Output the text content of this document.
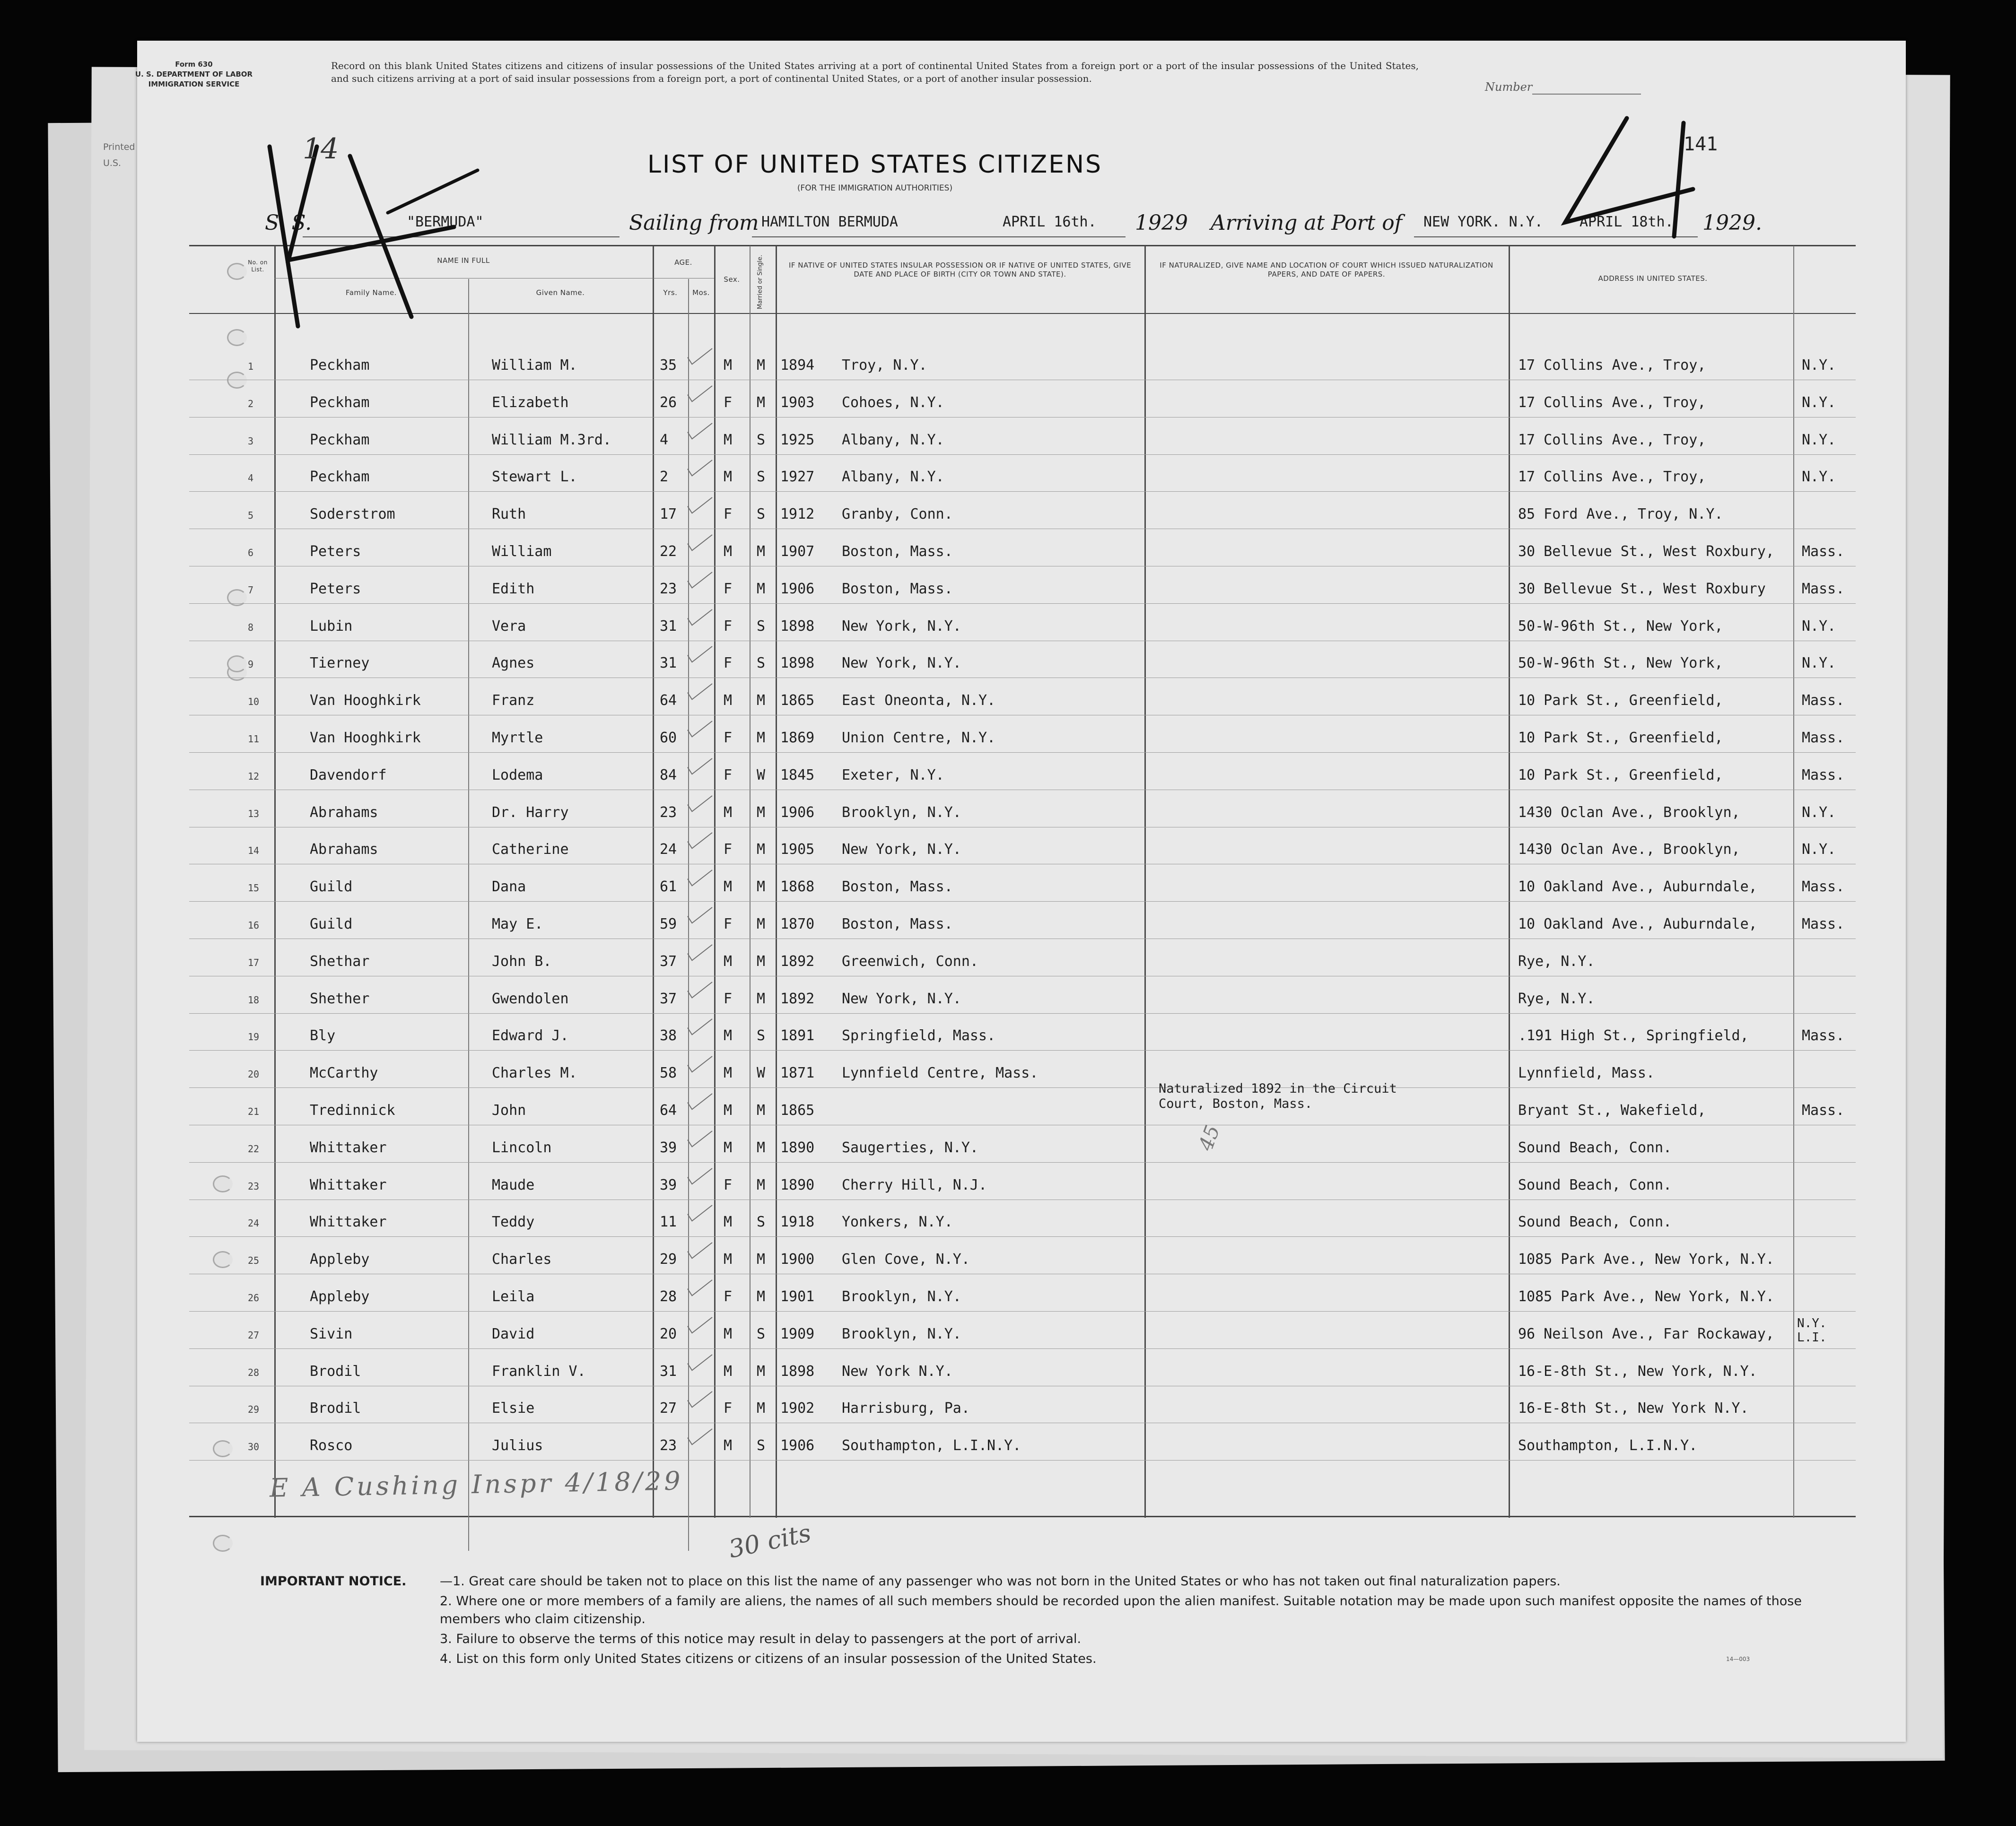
Printed
U.S.
Form 630
U. S. DEPARTMENT OF LABOR
IMMIGRATION SERVICE
Record on this blank United States citizens and citizens of insular possessions of the United States arriving at a port of continental United States from a foreign port or a port of the insular possessions of the United States, and such citizens arriving at a port of said insular possessions from a foreign port, a port of continental United States, or a port of another insular possession.
Number
141
LIST OF UNITED STATES CITIZENS
(FOR THE IMMIGRATION AUTHORITIES)
S. S.	"BERMUDA"	Sailing from HAMILTON BERMUDA	APRIL 16th. 1929 Arriving at Port of NEW YORK. N.Y.	APRIL 18th. 1929.
No. on List.
NAME IN FULL
Family Name.	Given Name.
AGE.
Yrs.	Mos.
Sex.	Married or Single.	IF NATIVE OF UNITED STATES INSULAR POSSESSION OR IF NATIVE OF UNITED STATES, GIVE DATE AND PLACE OF BIRTH (CITY OR TOWN AND STATE).
IF NATURALIZED, GIVE NAME AND LOCATION OF COURT WHICH ISSUED NATURALIZATION PAPERS, AND DATE OF PAPERS.	ADDRESS IN UNITED STATES.
1	Peckham	William M.	35	M M 1894 Troy, N.Y.	17 Collins Ave., Troy,	N.Y.
2	Peckham	Elizabeth	26	F M 1903 Cohoes, N.Y.	17 Collins Ave., Troy,	N.Y.
3	Peckham	William M.3rd.	4	M S 1925 Albany, N.Y.	17 Collins Ave., Troy,	N.Y.
4	Peckham	Stewart L.	2	M S 1927 Albany, N.Y.	17 Collins Ave., Troy,	N.Y.
5	Soderstrom	Ruth	17	F S 1912 Granby, Conn.	85 Ford Ave., Troy, N.Y.
6	Peters	William	22	M M 1907 Boston, Mass.	30 Bellevue St., West Roxbury, Mass.
7	Peters	Edith	23	F M 1906 Boston, Mass.	30 Bellevue St., West Roxbury	Mass.
8	Lubin	Vera	31	F S 1898 New York, N.Y.	50-W-96th St., New York,	N.Y.
9	Tierney	Agnes	31	F S 1898 New York, N.Y.	50-W-96th St., New York,	N.Y.
10	Van Hooghkirk	Franz	64	M M 1865 East Oneonta, N.Y.	10 Park St., Greenfield,	Mass.
11	Van Hooghkirk	Myrtle	60	F M 1869 Union Centre, N.Y.	10 Park St., Greenfield,	Mass.
12	Davendorf	Lodema	84	F W 1845 Exeter, N.Y.	10 Park St., Greenfield,	Mass.
13	Abrahams	Dr. Harry	23	M M 1906 Brooklyn, N.Y.	1430 Oclan Ave., Brooklyn,	N.Y.
14	Abrahams	Catherine	24	F M 1905 New York, N.Y.	1430 Oclan Ave., Brooklyn,	N.Y.
15	Guild	Dana	61	M M 1868 Boston, Mass.	10 Oakland Ave., Auburndale,	Mass.
16	Guild	May E.	59	F M 1870 Boston, Mass.	10 Oakland Ave., Auburndale,	Mass.
17	Shethar	John B.	37	M M 1892 Greenwich, Conn.	Rye, N.Y.
18	Shether	Gwendolen	37	F M 1892 New York, N.Y.	Rye, N.Y.
19	Bly	Edward J.	38	M S 1891 Springfield, Mass.	.191 High St., Springfield,	Mass.
20	McCarthy	Charles M.	58	M W 1871 Lynnfield Centre, Mass.	Lynnfield, Mass.
21	Tredinnick	John	64	M M 1865	Bryant St., Wakefield,	Mass.
Naturalized 1892 in the Circuit Court, Boston, Mass.
22	Whittaker	Lincoln	39	M M 1890 Saugerties, N.Y.	Sound Beach, Conn.
23	Whittaker	Maude	39	F M 1890 Cherry Hill, N.J.	Sound Beach, Conn.
24	Whittaker	Teddy	11	M S 1918 Yonkers, N.Y.	Sound Beach, Conn.
25	Appleby	Charles	29	M M 1900 Glen Cove, N.Y.	1085 Park Ave., New York, N.Y.
26	Appleby	Leila	28	F M 1901 Brooklyn, N.Y.	1085 Park Ave., New York, N.Y.
27	Sivin	David	20	M S 1909 Brooklyn, N.Y.	96 Neilson Ave., Far Rockaway,
N.Y. L.I.
28	Brodil	Franklin V.	31	M M 1898 New York N.Y.	16-E-8th St., New York, N.Y.
29	Brodil	Elsie	27	F M 1902 Harrisburg, Pa.	16-E-8th St., New York N.Y.
30	Rosco	Julius	23	M S 1906 Southampton, L.I.N.Y.	Southampton, L.I.N.Y.
14
45
30 cits
E A Cushing Inspr 4/18/29
IMPORTANT NOTICE.	—1. Great care should be taken not to place on this list the name of any passenger who was not born in the United States or who has not taken out final naturalization papers.
2. Where one or more members of a family are aliens, the names of all such members should be recorded upon the alien manifest. Suitable notation may be made upon such manifest opposite the names of those members who claim citizenship.
3. Failure to observe the terms of this notice may result in delay to passengers at the port of arrival.
4. List on this form only United States citizens or citizens of an insular possession of the United States.	14—003
